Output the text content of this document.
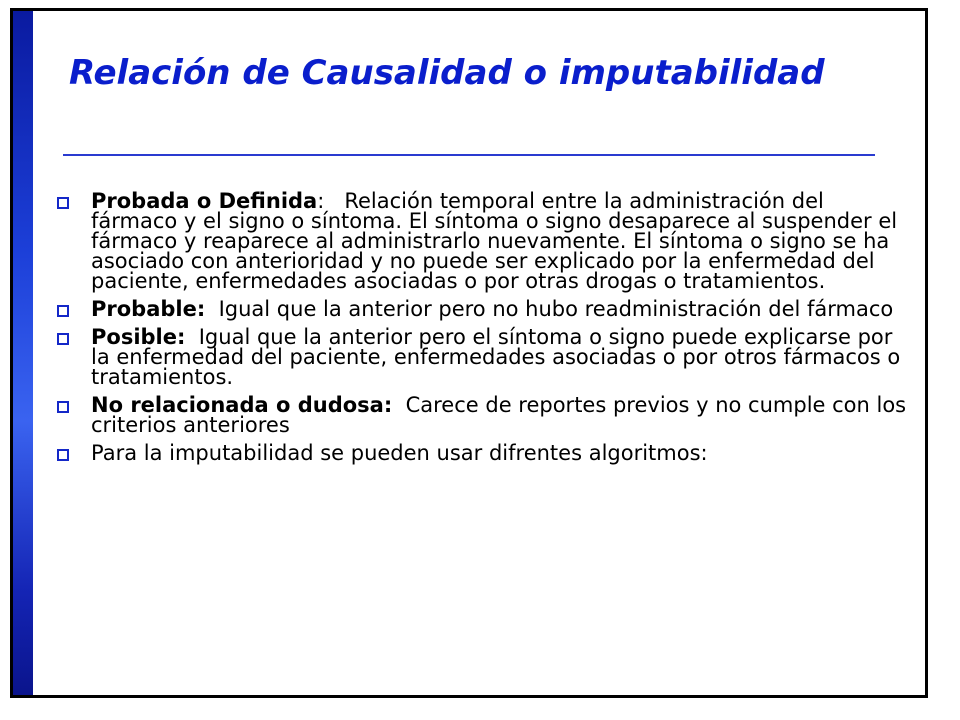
Relación de Causalidad o imputabilidad
Probada o Definida:   Relación temporal entre la administración del fármaco y el signo o síntoma. El síntoma o signo desaparece al suspender el fármaco y reaparece al administrarlo nuevamente. El síntoma o signo se ha asociado con anterioridad y no puede ser explicado por la enfermedad del paciente, enfermedades asociadas o por otras drogas o tratamientos.
Probable:  Igual que la anterior pero no hubo readministración del fármaco
Posible:  Igual que la anterior pero el síntoma o signo puede explicarse por la enfermedad del paciente, enfermedades asociadas o por otros fármacos o tratamientos.
No relacionada o dudosa:  Carece de reportes previos y no cumple con los criterios anteriores
Para la imputabilidad se pueden usar difrentes algoritmos:
